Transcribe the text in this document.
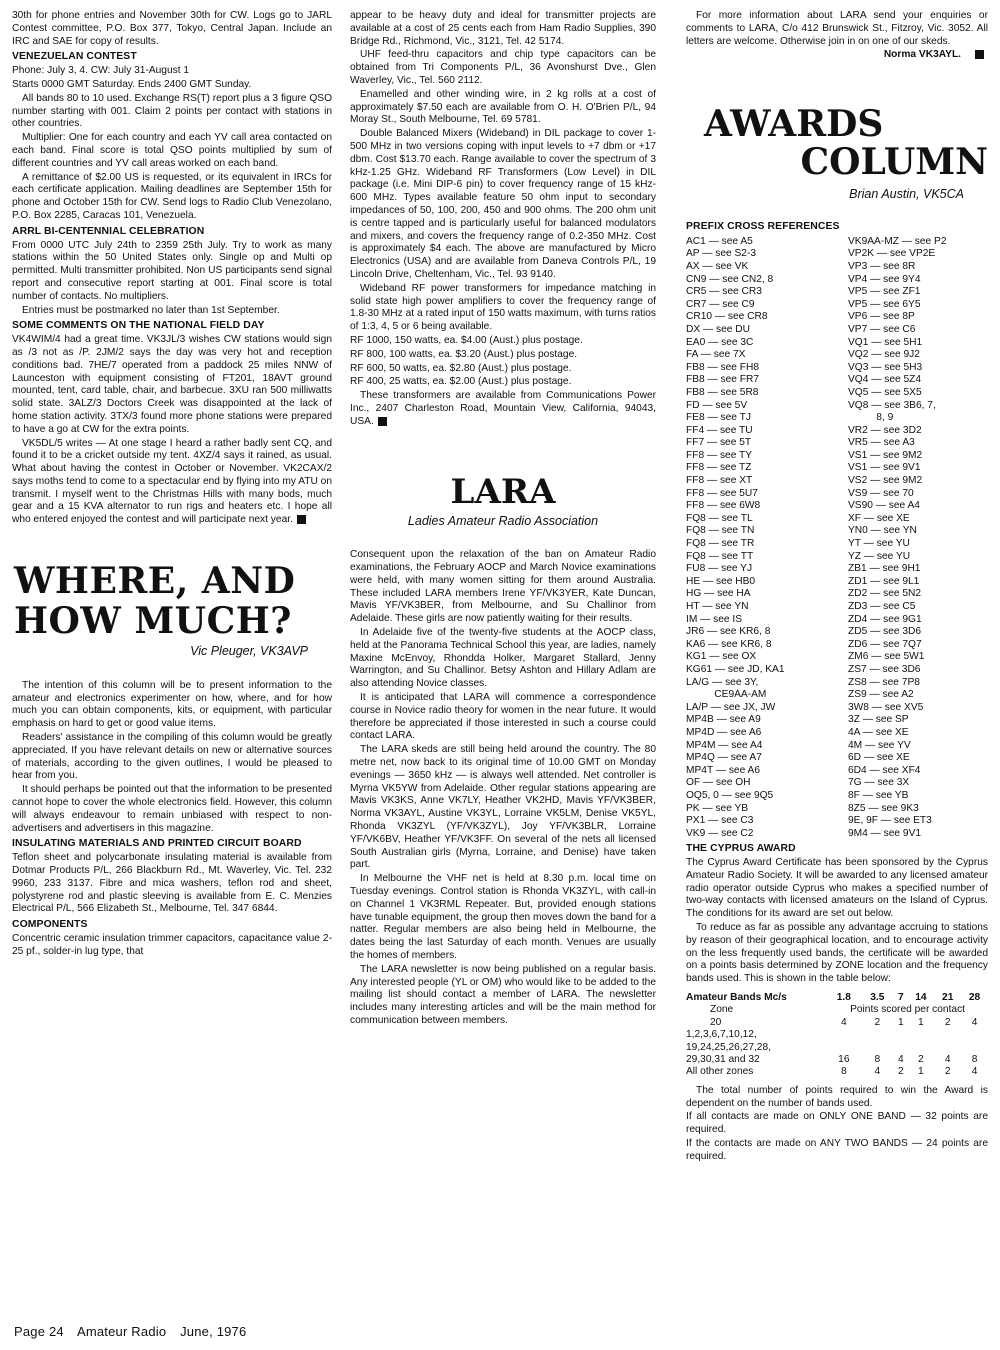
30th for phone entries and November 30th for CW. Logs go to JARL Contest committee, P.O. Box 377, Tokyo, Central Japan. Include an IRC and SAE for copy of results.

VENEZUELAN CONTEST

Phone: July 3, 4. CW: July 31-August 1

Starts 0000 GMT Saturday. Ends 2400 GMT Sunday.

All bands 80 to 10 used. Exchange RS(T) report plus a 3 figure QSO number starting with 001. Claim 2 points per contact with stations in other countries.

Multiplier: One for each country and each YV call area contacted on each band. Final score is total QSO points multiplied by sum of different countries and YV call areas worked on each band.

A remittance of $2.00 US is requested, or its equivalent in IRCs for each certificate application. Mailing deadlines are September 15th for phone and October 15th for CW. Send logs to Radio Club Venezolano, P.O. Box 2285, Caracas 101, Venezuela.

ARRL BI-CENTENNIAL CELEBRATION

From 0000 UTC July 24th to 2359 25th July. Try to work as many stations within the 50 United States only. Single op and Multi op permitted. Multi transmitter prohibited. Non US participants send signal report and consecutive report starting at 001. Final score is total number of contacts. No multipliers.

Entries must be postmarked no later than 1st September.

SOME COMMENTS ON THE NATIONAL FIELD DAY

VK4WIM/4 had a great time. VK3JL/3 wishes CW stations would sign as /3 not as /P. 2JM/2 says the day was very hot and reception conditions bad. 7HE/7 operated from a paddock 25 miles NNW of Launceston with equipment consisting of FT201, 18AVT ground mounted, tent, card table, chair, and barbecue. 3XU ran 500 milliwatts solid state. 3ALZ/3 Doctors Creek was disappointed at the lack of home station activity. 3TX/3 found more phone stations were prepared to have a go at CW for the extra points.

VK5DL/5 writes — At one stage I heard a rather badly sent CQ, and found it to be a cricket outside my tent. 4XZ/4 says it rained, as usual. What about having the contest in October or November. VK2CAX/2 says moths tend to come to a spectacular end by flying into my ATU on transmit. I myself went to the Christmas Hills with many bods, much gear and a 15 KVA alternator to run rigs and heaters etc. I hope all who entered enjoyed the contest and will participate next year.

WHERE, AND
HOW MUCH?
Vic Pleuger, VK3AVP

The intention of this column will be to present information to the amateur and electronics experimenter on how, where, and for how much you can obtain components, kits, or equipment, with particular emphasis on hard to get or good value items.

Readers' assistance in the compiling of this column would be greatly appreciated. If you have relevant details on new or alternative sources of materials, according to the given outlines, I would be pleased to hear from you.

It should perhaps be pointed out that the information to be presented cannot hope to cover the whole electronics field. However, this column will always endeavour to remain unbiased with respect to non-advertisers and advertisers in this magazine.

INSULATING MATERIALS AND PRINTED CIRCUIT BOARD

Teflon sheet and polycarbonate insulating material is available from Dotmar Products P/L, 266 Blackburn Rd., Mt. Waverley, Vic. Tel. 232 9960, 233 3137. Fibre and mica washers, teflon rod and sheet, polystyrene rod and plastic sleeving is available from E. C. Menzies Electrical P/L, 566 Elizabeth St., Melbourne, Tel. 347 6844.

COMPONENTS

Concentric ceramic insulation trimmer capacitors, capacitance value 2-25 pf., solder-in lug type, that

appear to be heavy duty and ideal for transmitter projects are available at a cost of 25 cents each from Ham Radio Supplies, 390 Bridge Rd., Richmond, Vic., 3121, Tel. 42 5174.

UHF feed-thru capacitors and chip type capacitors can be obtained from Tri Components P/L, 36 Avonshurst Dve., Glen Waverley, Vic., Tel. 560 2112.

Enamelled and other winding wire, in 2 kg rolls at a cost of approximately $7.50 each are available from O. H. O'Brien P/L, 94 Moray St., South Melbourne, Tel. 69 5781.

Double Balanced Mixers (Wideband) in DIL package to cover 1-500 MHz in two versions coping with input levels to +7 dbm or +17 dbm. Cost $13.70 each. Range available to cover the spectrum of 3 kHz-1.25 GHz. Wideband RF Transformers (Low Level) in DIL package (i.e. Mini DIP-6 pin) to cover frequency range of 15 kHz-600 MHz. Types available feature 50 ohm input to secondary impedances of 50, 100, 200, 450 and 900 ohms. The 200 ohm unit is centre tapped and is particularly useful for balanced modulators and mixers, and covers the frequency range of 0.2-350 MHz. Cost is approximately $4 each. The above are manufactured by Micro Electronics (USA) and are available from Daneva Controls P/L, 19 Lincoln Drive, Cheltenham, Vic., Tel. 93 9140.

Wideband RF power transformers for impedance matching in solid state high power amplifiers to cover the frequency range of 1.8-30 MHz at a rated input of 150 watts maximum, with turns ratios of 1:3, 4, 5 or 6 being available.

RF 1000, 150 watts, ea. $4.00 (Aust.) plus postage.

RF 800, 100 watts, ea. $3.20 (Aust.) plus postage.

RF 600, 50 watts, ea. $2.80 (Aust.) plus postage.

RF 400, 25 watts, ea. $2.00 (Aust.) plus postage.

These transformers are available from Communications Power Inc., 2407 Charleston Road, Mountain View, California, 94043, USA.

LARA
Ladies Amateur Radio Association

Consequent upon the relaxation of the ban on Amateur Radio examinations, the February AOCP and March Novice examinations were held, with many women sitting for them around Australia. These included LARA members Irene YF/VK3YER, Kate Duncan, Mavis YF/VK3BER, from Melbourne, and Su Challinor from Adelaide. These girls are now patiently waiting for their results.

In Adelaide five of the twenty-five students at the AOCP class, held at the Panorama Technical School this year, are ladies, namely Maxine McEnvoy, Rhondda Holker, Margaret Stallard, Jenny Warrington, and Su Challinor. Betsy Ashton and Hillary Adlam are also attending Novice classes.

It is anticipated that LARA will commence a correspondence course in Novice radio theory for women in the near future. It would therefore be appreciated if those interested in such a course could contact LARA.

The LARA skeds are still being held around the country. The 80 metre net, now back to its original time of 10.00 GMT on Monday evenings — 3650 kHz — is always well attended. Net controller is Myrna VK5YW from Adelaide. Other regular stations appearing are Mavis VK3KS, Anne VK7LY, Heather VK2HD, Mavis YF/VK3BER, Norma VK3AYL, Austine VK3YL, Lorraine VK5LM, Denise VK5YL, Rhonda VK3ZYL (YF/VK3ZYL), Joy YF/VK3BLR, Lorraine YF/VK6BV, Heather YF/VK3FF. On several of the nets all licensed South Australian girls (Myrna, Lorraine, and Denise) have taken part.

In Melbourne the VHF net is held at 8.30 p.m. local time on Tuesday evenings. Control station is Rhonda VK3ZYL, with call-in on Channel 1 VK3RML Repeater. But, provided enough stations have tunable equipment, the group then moves down the band for a natter. Regular members are also being held in Melbourne, the dates being the last Saturday of each month. Venues are usually the homes of members.

The LARA newsletter is now being published on a regular basis. Any interested people (YL or OM) who would like to be added to the mailing list should contact a member of LARA. The newsletter includes many interesting articles and will be the main method for communication between members.

For more information about LARA send your enquiries or comments to LARA, C/o 412 Brunswick St., Fitzroy, Vic. 3052. All letters are welcome. Otherwise join in on one of our skeds.

Norma VK3AYL.
AWARDS
COLUMN
Brian Austin, VK5CA
PREFIX CROSS REFERENCES
AC1 — see A5
AP — see S2-3
AX — see VK
CN9 — see CN2, 8
CR5 — see CR3
CR7 — see C9
CR10 — see CR8
DX — see DU
EA0 — see 3C
FA — see 7X
FB8 — see FH8
FB8 — see FR7
FB8 — see 5R8
FD — see 5V
FE8 — see TJ
FF4 — see TU
FF7 — see 5T
FF8 — see TY
FF8 — see TZ
FF8 — see XT
FF8 — see 5U7
FF8 — see 6W8
FQ8 — see TL
FQ8 — see TN
FQ8 — see TR
FQ8 — see TT
FU8 — see YJ
HE — see HB0
HG — see HA
HT — see YN
IM — see IS
JR6 — see KR6, 8
KA6 — see KR6, 8
KG1 — see OX
KG61 — see JD, KA1
LA/G — see 3Y,
CE9AA-AM
LA/P — see JX, JW
MP4B — see A9
MP4D — see A6
MP4M — see A4
MP4Q — see A7
MP4T — see A6
OF — see OH
OQ5, 0 — see 9Q5
PK — see YB
PX1 — see C3
VK9 — see C2
VK9AA-MZ — see P2
VP2K — see VP2E
VP3 — see 8R
VP4 — see 9Y4
VP5 — see ZF1
VP5 — see 6Y5
VP6 — see 8P
VP7 — see C6
VQ1 — see 5H1
VQ2 — see 9J2
VQ3 — see 5H3
VQ4 — see 5Z4
VQ5 — see 5X5
VQ8 — see 3B6, 7,
8, 9
VR2 — see 3D2
VR5 — see A3
VS1 — see 9M2
VS1 — see 9V1
VS2 — see 9M2
VS9 — see 70
VS90 — see A4
XF — see XE
YN0 — see YN
YT — see YU
YZ — see YU
ZB1 — see 9H1
ZD1 — see 9L1
ZD2 — see 5N2
ZD3 — see C5
ZD4 — see 9G1
ZD5 — see 3D6
ZD6 — see 7Q7
ZM6 — see 5W1
ZS7 — see 3D6
ZS8 — see 7P8
ZS9 — see A2
3W8 — see XV5
3Z — see SP
4A — see XE
4M — see YV
6D — see XE
6D4 — see XF4
7G — see 3X
8F — see YB
8Z5 — see 9K3
9E, 9F — see ET3
9M4 — see 9V1
THE CYPRUS AWARD

The Cyprus Award Certificate has been sponsored by the Cyprus Amateur Radio Society. It will be awarded to any licensed amateur radio operator outside Cyprus who makes a specified number of two-way contacts with licensed amateurs on the Island of Cyprus. The conditions for its award are set out below.

To reduce as far as possible any advantage accruing to stations by reason of their geographical location, and to encourage activity on the less frequently used bands, the certificate will be awarded on a points basis determined by ZONE location and the frequency bands used. This is shown in the table below:

Amateur Bands Mc/s	1.8	3.5	7	14	21	28
Zone	Points scored per contact					
20	4	2	1	1	2	4
1,2,3,6,7,10,12,						
19,24,25,26,27,28,						
29,30,31 and 32	16	8	4	2	4	8
All other zones	8	4	2	1	2	4

The total number of points required to win the Award is dependent on the number of bands used.

If all contacts are made on ONLY ONE BAND — 32 points are required.

If the contacts are made on ANY TWO BANDS — 24 points are required.

Page 24 Amateur Radio June, 1976
